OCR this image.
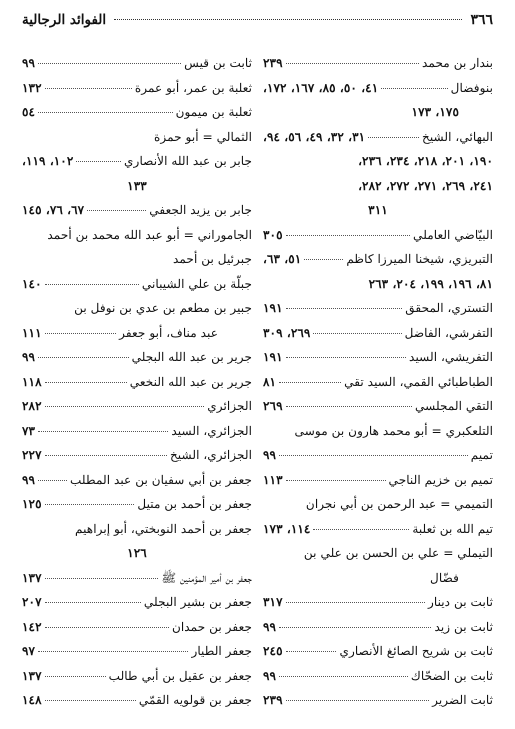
٣٦٦
الفوائد الرجالية
بندار بن محمد
٢٣٩
بنوفضال
٤١، ٥٠، ٨٥، ١٦٧، ١٧٢،
١٧٥، ١٧٣
البهائي، الشيخ
٣١، ٣٢، ٤٩، ٥٦، ٩٤،
١٩٠، ٢٠١، ٢١٨، ٢٣٤، ٢٣٦،
٢٤١، ٢٦٩، ٢٧١، ٢٧٢، ٢٨٢،
٣١١
البيّاضي العاملي
٣٠٥
التبريزي، شيخنا الميرزا كاظم
٥١، ٦٣،
٨١، ١٩٦، ١٩٩، ٢٠٤، ٢٦٣
التستري، المحقق
١٩١
التفرشي، الفاضل
٢٦٩، ٣٠٩
التفريشي، السيد
١٩١
الطباطبائي القمي، السيد تقي
٨١
التقي المجلسي
٢٦٩
التلعكبري = أبو محمد هارون بن موسى
تميم
٩٩
تميم بن خزيم الناجي
١١٣
التميمي = عبد الرحمن بن أبي نجران
تيم الله بن ثعلبة
١١٤، ١٧٣
التيملي = علي بن الحسن بن علي بن
فضّال
ثابت بن دينار
٣١٧
ثابت بن زيد
٩٩
ثابت بن شريح الصائغ الأنصاري
٢٤٥
ثابت بن الضحّاك
٩٩
ثابت الضرير
٢٣٩
ثابت بن قيس
٩٩
ثعلبة بن عمر، أبو عمرة
١٣٢
ثعلبة بن ميمون
٥٤
الثمالي = أبو حمزة
جابر بن عبد الله الأنصاري
١٠٢، ١١٩،
١٣٣
جابر بن يزيد الجعفي
٦٧، ٧٦، ١٤٥
الجاموراني = أبو عبد الله محمد بن أحمد
جبرئيل بن أحمد
جبلّة بن علي الشيباني
١٤٠
جبير بن مطعم بن عدي بن نوفل بن
عبد مناف، أبو جعفر
١١١
جرير بن عبد الله البجلي
٩٩
جرير بن عبد الله النخعي
١١٨
الجزائري
٢٨٢
الجزائري، السيد
٧٣
الجزائري، الشيخ
٢٢٧
جعفر بن أبي سفيان بن عبد المطلب
٩٩
جعفر بن أحمد بن متيل
١٢٥
جعفر بن أحمد النوبختي، أبو إبراهيم
١٢٦
جعفر بن أمير المؤمنين ﷺ
١٣٧
جعفر بن بشير البجلي
٢٠٧
جعفر بن حمدان
١٤٢
جعفر الطيار
٩٧
جعفر بن عقيل بن أبي طالب
١٣٧
جعفر بن قولويه القمّي
١٤٨
